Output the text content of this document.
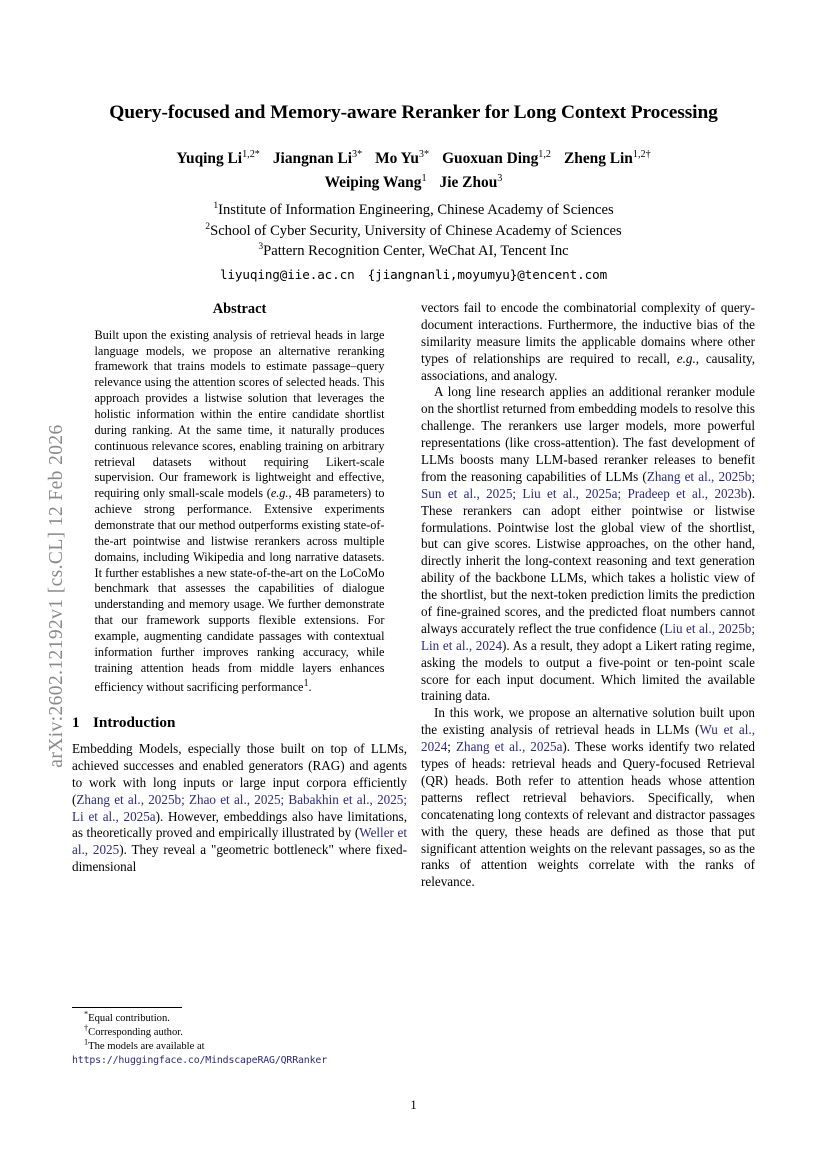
arXiv:2602.12192v1 [cs.CL] 12 Feb 2026
Query-focused and Memory-aware Reranker for Long Context Processing
Yuqing $Li^{1,2*}$ Jiangnan $Li^{3*}$ Mo $Yu^{3*}$ Guoxuan Ding$^{1,2}$ Zheng Lin$^{1,2\dagger}$
Weiping Wang$^1$ Jie Zhou$^3$
$^1$Institute of Information Engineering, Chinese Academy of Sciences
$^2$School of Cyber Security, University of Chinese Academy of Sciences
$^3$Pattern Recognition Center, WeChat AI, Tencent Inc
liyuqing@iie.ac.cn {jiangnanli,moyumyu}@tencent.com
Abstract

Built upon the existing analysis of retrieval heads in large language models, we propose an alternative reranking framework that trains models to estimate passage–query relevance using the attention scores of selected heads. This approach provides a listwise solution that leverages the holistic information within the entire candidate shortlist during ranking. At the same time, it naturally produces continuous relevance scores, enabling training on arbitrary retrieval datasets without requiring Likert-scale supervision. Our framework is lightweight and effective, requiring only small-scale models (e.g., 4B parameters) to achieve strong performance. Extensive experiments demonstrate that our method outperforms existing state-of-the-art pointwise and listwise rerankers across multiple domains, including Wikipedia and long narrative datasets. It further establishes a new state-of-the-art on the LoCoMo benchmark that assesses the capabilities of dialogue understanding and memory usage. We further demonstrate that our framework supports flexible extensions. For example, augmenting candidate passages with contextual information further improves ranking accuracy, while training attention heads from middle layers enhances efficiency without sacrificing performance$^1$.

1 Introduction

Embedding Models, especially those built on top of LLMs, achieved successes and enabled generators (RAG) and agents to work with long inputs or large input corpora efficiently (Zhang et al., 2025b; Zhao et al., 2025; Babakhin et al., 2025; Li et al., 2025a). However, embeddings also have limitations, as theoretically proved and empirically illustrated by (Weller et al., 2025). They reveal a "geometric bottleneck" where fixed-dimensional

vectors fail to encode the combinatorial complexity of query-document interactions. Furthermore, the inductive bias of the similarity measure limits the applicable domains where other types of relationships are required to recall, e.g., causality, associations, and analogy.

A long line research applies an additional reranker module on the shortlist returned from embedding models to resolve this challenge. The rerankers use larger models, more powerful representations (like cross-attention). The fast development of LLMs boosts many LLM-based reranker releases to benefit from the reasoning capabilities of LLMs (Zhang et al., 2025b; Sun et al., 2025; Liu et al., 2025a; Pradeep et al., 2023b). These rerankers can adopt either pointwise or listwise formulations. Pointwise lost the global view of the shortlist, but can give scores. Listwise approaches, on the other hand, directly inherit the long-context reasoning and text generation ability of the backbone LLMs, which takes a holistic view of the shortlist, but the next-token prediction limits the prediction of fine-grained scores, and the predicted float numbers cannot always accurately reflect the true confidence (Liu et al., 2025b; Lin et al., 2024). As a result, they adopt a Likert rating regime, asking the models to output a five-point or ten-point scale score for each input document. Which limited the available training data.

In this work, we propose an alternative solution built upon the existing analysis of retrieval heads in LLMs (Wu et al., 2024; Zhang et al., 2025a). These works identify two related types of heads: retrieval heads and Query-focused Retrieval (QR) heads. Both refer to attention heads whose attention patterns reflect retrieval behaviors. Specifically, when concatenating long contexts of relevant and distractor passages with the query, these heads are defined as those that put significant attention weights on the relevant passages, so as the ranks of attention weights correlate with the ranks of relevance.

*Equal contribution.

†Corresponding author.

$^1$The models are available at https://huggingface.co/MindscapeRAG/QRRanker

1
